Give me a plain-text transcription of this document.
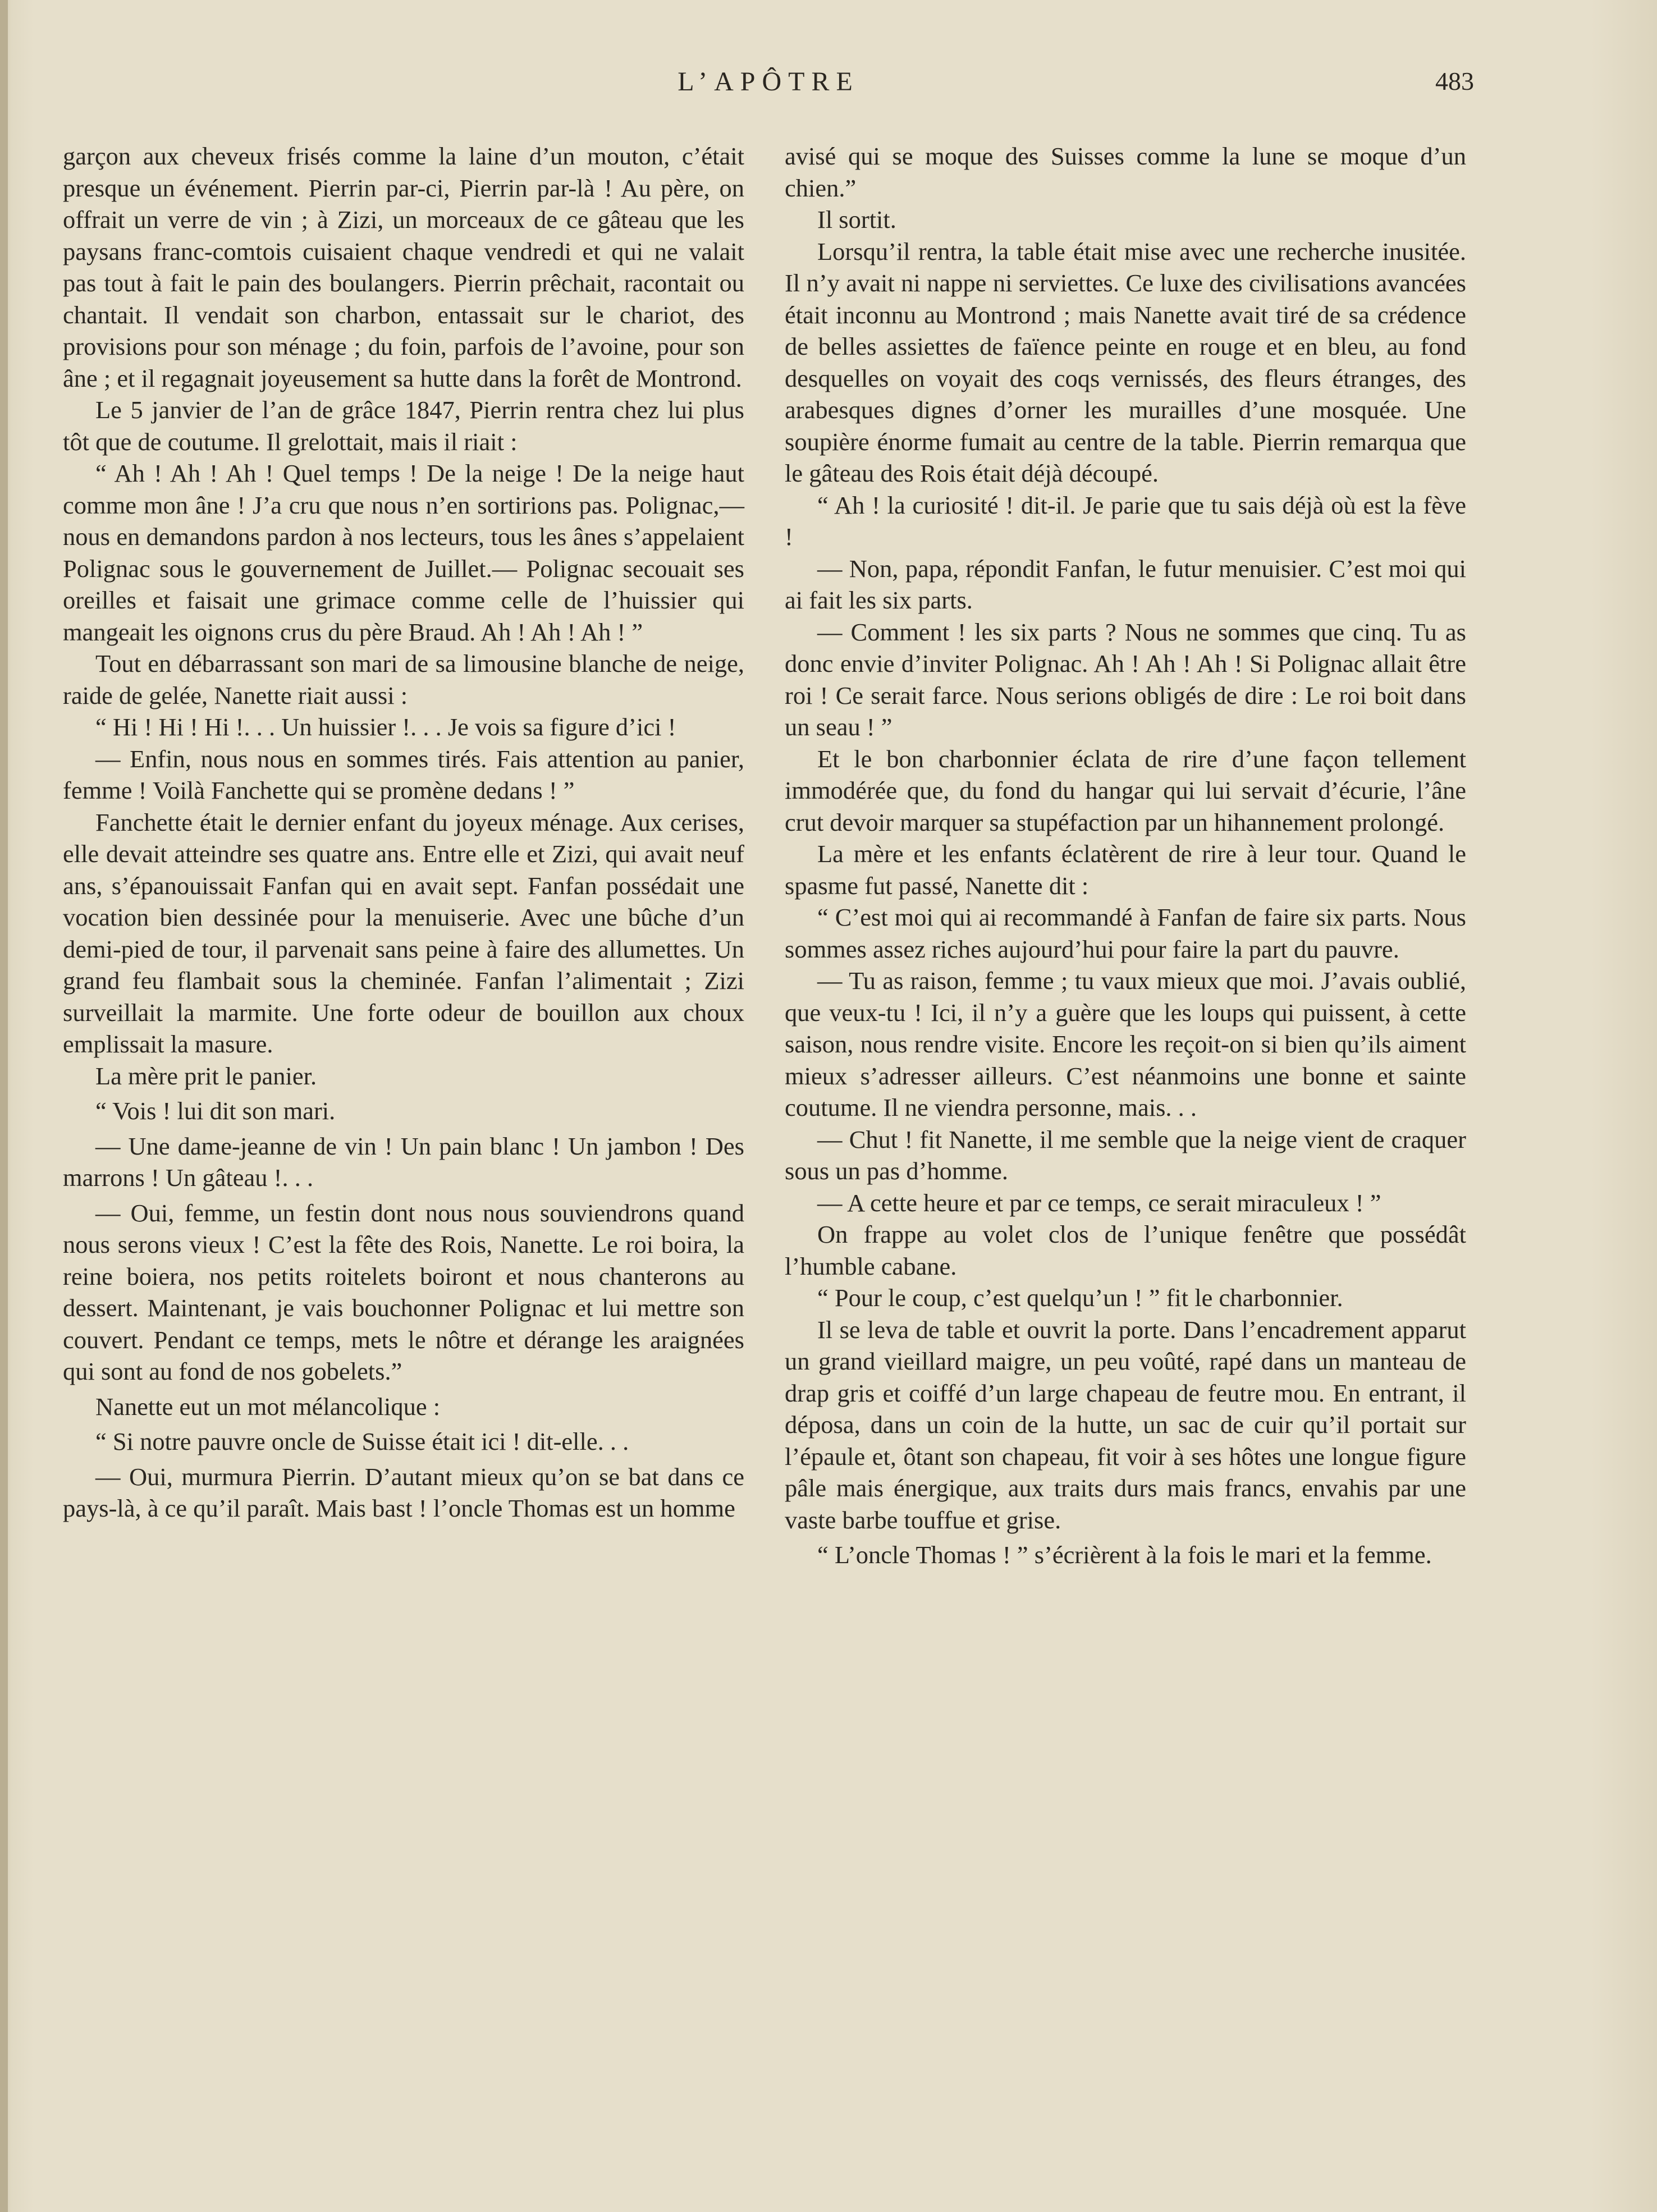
L’APÔTRE	483

garçon aux cheveux frisés comme la laine d’un mouton, c’était presque un événement. Pierrin par-ci, Pierrin par-là ! Au père, on offrait un verre de vin ; à Zizi, un morceaux de ce gâteau que les paysans franc-comtois cuisaient chaque vendredi et qui ne valait pas tout à fait le pain des boulangers. Pierrin prêchait, racontait ou chantait. Il vendait son charbon, entassait sur le chariot, des provisions pour son ménage ; du foin, parfois de l’avoine, pour son âne ; et il regagnait joyeusement sa hutte dans la forêt de Montrond.

Le 5 janvier de l’an de grâce 1847, Pierrin rentra chez lui plus tôt que de coutume. Il grelottait, mais il riait :

“ Ah ! Ah ! Ah ! Quel temps ! De la neige ! De la neige haut comme mon âne ! J’a cru que nous n’en sortirions pas. Polignac,— nous en demandons pardon à nos lecteurs, tous les ânes s’appelaient Polignac sous le gouvernement de Juillet.— Polignac secouait ses oreilles et faisait une grimace comme celle de l’huissier qui mangeait les oignons crus du père Braud. Ah ! Ah ! Ah ! ”

Tout en débarrassant son mari de sa limousine blanche de neige, raide de gelée, Nanette riait aussi :

“ Hi ! Hi ! Hi !. . . Un huissier !. . . Je vois sa figure d’ici !

— Enfin, nous nous en sommes tirés. Fais attention au panier, femme ! Voilà Fanchette qui se promène dedans ! ”

Fanchette était le dernier enfant du joyeux ménage. Aux cerises, elle devait atteindre ses quatre ans. Entre elle et Zizi, qui avait neuf ans, s’épanouissait Fanfan qui en avait sept. Fanfan possédait une vocation bien dessinée pour la menuiserie. Avec une bûche d’un demi-pied de tour, il parvenait sans peine à faire des allumettes. Un grand feu flambait sous la cheminée. Fanfan l’alimentait ; Zizi surveillait la marmite. Une forte odeur de bouillon aux choux emplissait la masure.

La mère prit le panier.

“ Vois ! lui dit son mari.

— Une dame-jeanne de vin ! Un pain blanc ! Un jambon ! Des marrons ! Un gâteau !. . .

— Oui, femme, un festin dont nous nous souviendrons quand nous serons vieux ! C’est la fête des Rois, Nanette. Le roi boira, la reine boiera, nos petits roitelets boiront et nous chanterons au dessert. Maintenant, je vais bouchonner Polignac et lui mettre son couvert. Pendant ce temps, mets le nôtre et dérange les araignées qui sont au fond de nos gobelets.”

Nanette eut un mot mélancolique :

“ Si notre pauvre oncle de Suisse était ici ! dit-elle. . .

— Oui, murmura Pierrin. D’autant mieux qu’on se bat dans ce pays-là, à ce qu’il paraît. Mais bast ! l’oncle Thomas est un homme

avisé qui se moque des Suisses comme la lune se moque d’un chien.”

Il sortit.

Lorsqu’il rentra, la table était mise avec une recherche inusitée. Il n’y avait ni nappe ni serviettes. Ce luxe des civilisations avancées était inconnu au Montrond ; mais Nanette avait tiré de sa crédence de belles assiettes de faïence peinte en rouge et en bleu, au fond desquelles on voyait des coqs vernissés, des fleurs étranges, des arabesques dignes d’orner les murailles d’une mosquée. Une soupière énorme fumait au centre de la table. Pierrin remarqua que le gâteau des Rois était déjà découpé.

“ Ah ! la curiosité ! dit-il. Je parie que tu sais déjà où est la fève !

— Non, papa, répondit Fanfan, le futur menuisier. C’est moi qui ai fait les six parts.

— Comment ! les six parts ? Nous ne sommes que cinq. Tu as donc envie d’inviter Polignac. Ah ! Ah ! Ah ! Si Polignac allait être roi ! Ce serait farce. Nous serions obligés de dire : Le roi boit dans un seau ! ”

Et le bon charbonnier éclata de rire d’une façon tellement immodérée que, du fond du hangar qui lui servait d’écurie, l’âne crut devoir marquer sa stupéfaction par un hihannement prolongé.

La mère et les enfants éclatèrent de rire à leur tour. Quand le spasme fut passé, Nanette dit :

“ C’est moi qui ai recommandé à Fanfan de faire six parts. Nous sommes assez riches aujourd’hui pour faire la part du pauvre.

— Tu as raison, femme ; tu vaux mieux que moi. J’avais oublié, que veux-tu ! Ici, il n’y a guère que les loups qui puissent, à cette saison, nous rendre visite. Encore les reçoit-on si bien qu’ils aiment mieux s’adresser ailleurs. C’est néanmoins une bonne et sainte coutume. Il ne viendra personne, mais. . .

— Chut ! fit Nanette, il me semble que la neige vient de craquer sous un pas d’homme.

— A cette heure et par ce temps, ce serait miraculeux ! ”

On frappe au volet clos de l’unique fenêtre que possédât l’humble cabane.

“ Pour le coup, c’est quelqu’un ! ” fit le charbonnier.

Il se leva de table et ouvrit la porte. Dans l’encadrement apparut un grand vieillard maigre, un peu voûté, rapé dans un manteau de drap gris et coiffé d’un large chapeau de feutre mou. En entrant, il déposa, dans un coin de la hutte, un sac de cuir qu’il portait sur l’épaule et, ôtant son chapeau, fit voir à ses hôtes une longue figure pâle mais énergique, aux traits durs mais francs, envahis par une vaste barbe touffue et grise.

“ L’oncle Thomas ! ” s’écrièrent à la fois le mari et la femme.
